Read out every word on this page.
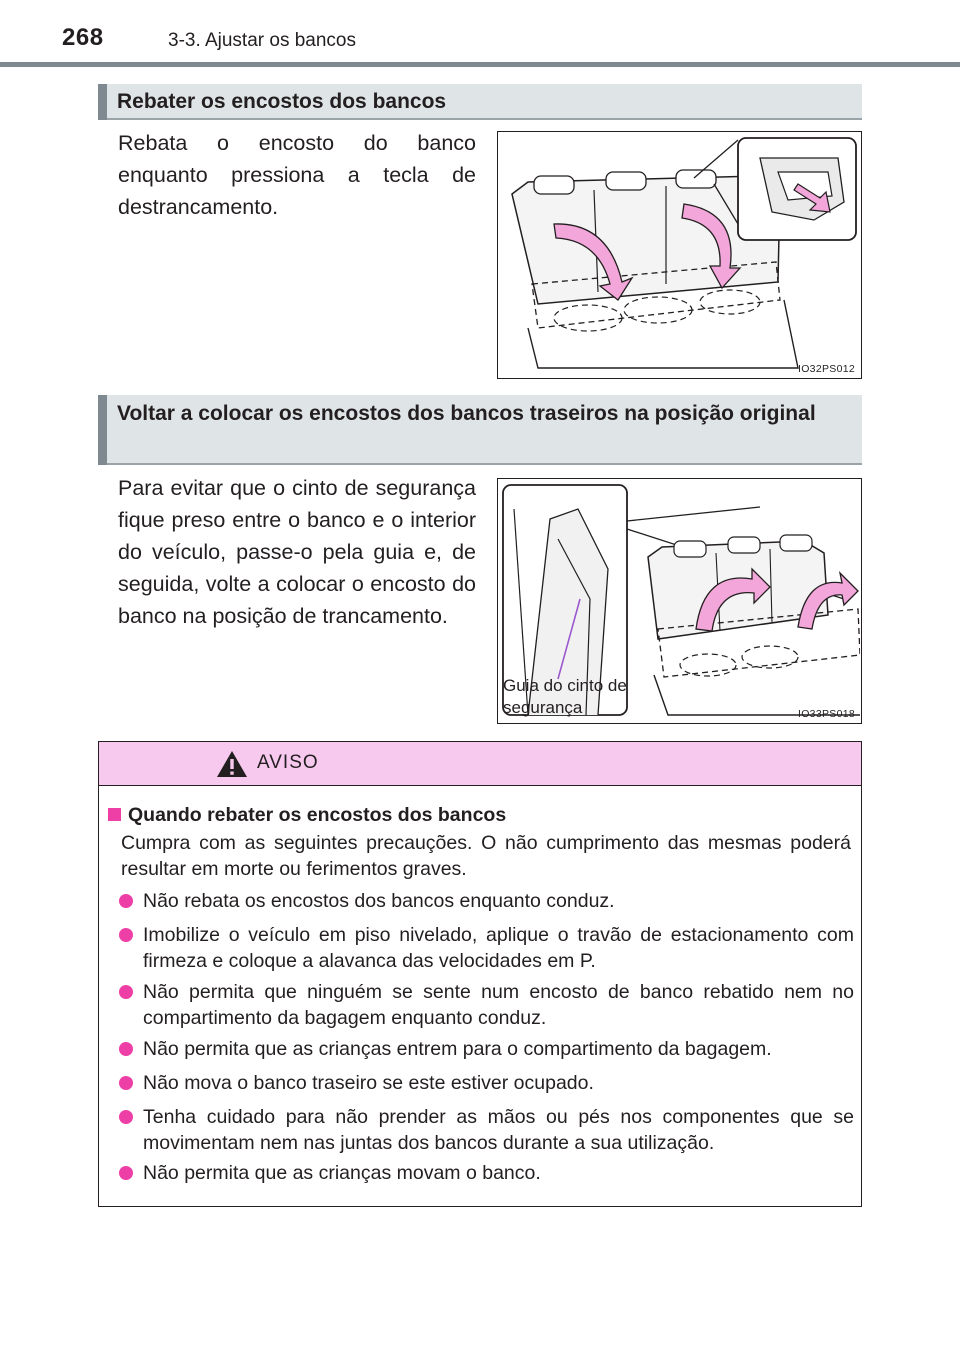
268	3-3. Ajustar os bancos
Rebater os encostos dos bancos
Rebata o encosto do banco enquanto pressiona a tecla de destrancamento.
IO32PS012
Voltar a colocar os encostos dos bancos traseiros na posição original
Para evitar que o cinto de segurança fique preso entre o banco e o interior do veículo, passe-o pela guia e, de seguida, volte a colocar o encosto do banco na posição de trancamento.
Guia do cinto de
segurança	IO33PS018
AVISO
Quando rebater os encostos dos bancos
Cumpra com as seguintes precauções. O não cumprimento das mesmas poderá resultar em morte ou ferimentos graves.
Não rebata os encostos dos bancos enquanto conduz.
Imobilize o veículo em piso nivelado, aplique o travão de estacionamento com firmeza e coloque a alavanca das velocidades em P.
Não permita que ninguém se sente num encosto de banco rebatido nem no compartimento da bagagem enquanto conduz.
Não permita que as crianças entrem para o compartimento da bagagem.
Não mova o banco traseiro se este estiver ocupado.
Tenha cuidado para não prender as mãos ou pés nos componentes que se movimentam nem nas juntas dos bancos durante a sua utilização.
Não permita que as crianças movam o banco.
